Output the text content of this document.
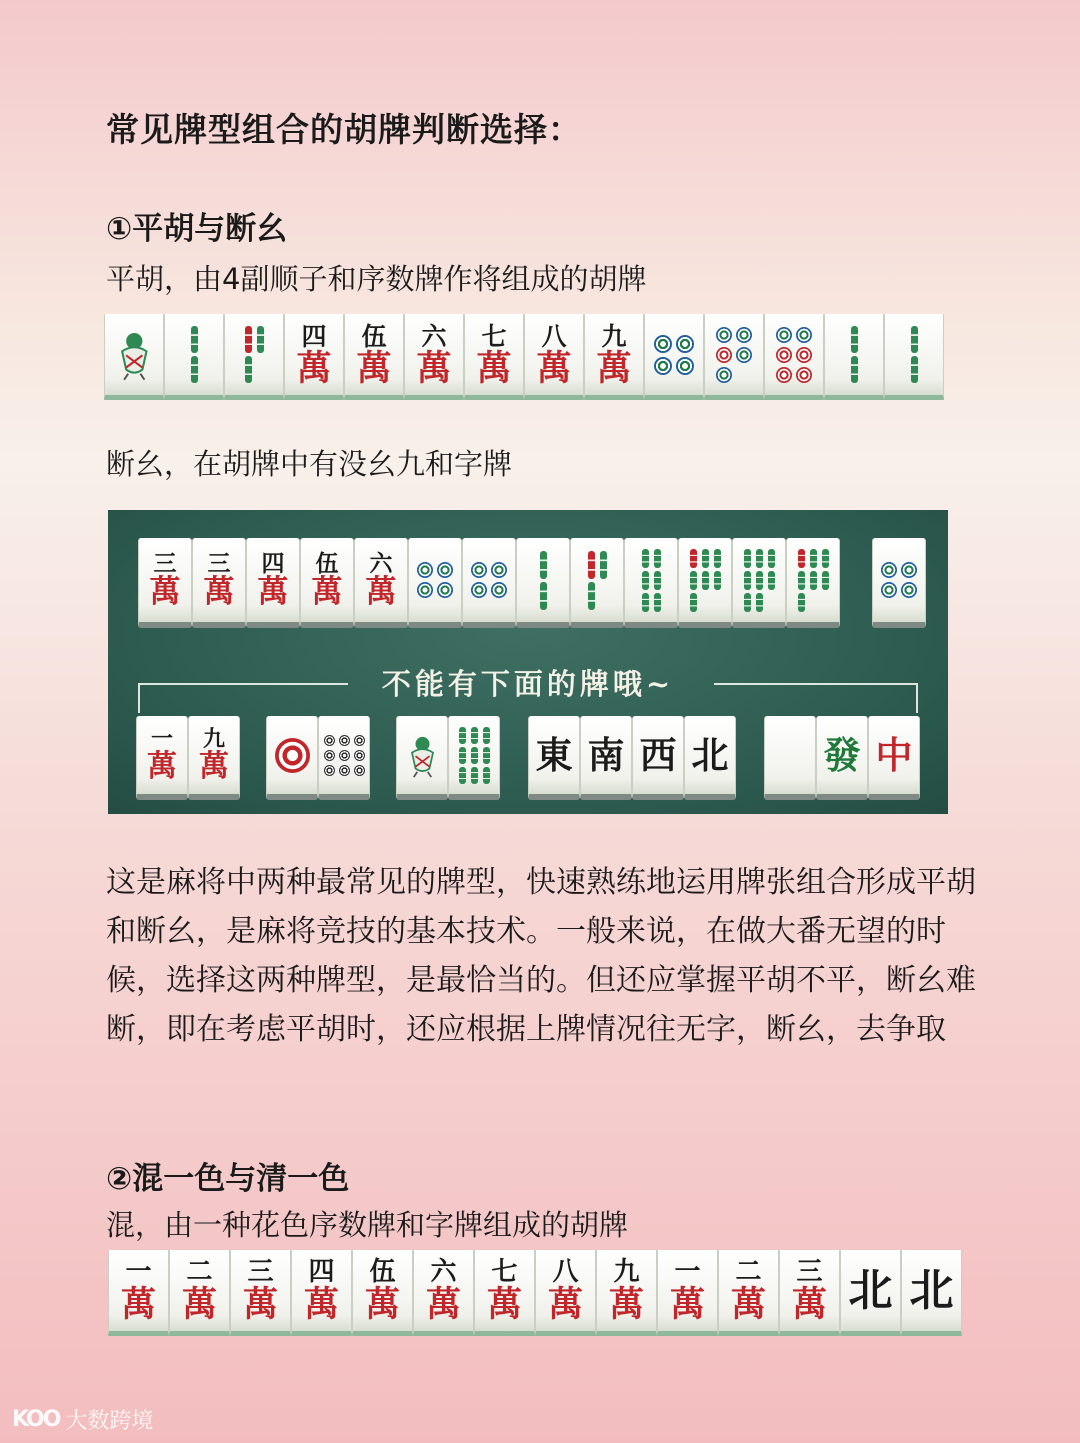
常见牌型组合的胡牌判断选择：
①平胡与断幺

平胡，由4副顺子和序数牌作将组成的胡牌

四
萬
伍
萬
六
萬
七
萬
八
萬
九
萬

断幺，在胡牌中有没幺九和字牌

三
萬
三
萬
四
萬
伍
萬
六
萬
不能有下面的牌哦~
一
萬
九
萬	東 南 西 北	發 中

这是麻将中两种最常见的牌型，快速熟练地运用牌张组合形成平胡和断幺，是麻将竞技的基本技术。一般来说，在做大番无望的时候，选择这两种牌型，是最恰当的。但还应掌握平胡不平，断幺难断，即在考虑平胡时，还应根据上牌情况往无字，断幺，去争取

②混一色与清一色

混，由一种花色序数牌和字牌组成的胡牌

一
萬
二
萬
三
萬
四
萬
伍
萬
六
萬
七
萬
八
萬
九
萬
一
萬
二
萬
三
萬 北 北
KOO 大数跨境
